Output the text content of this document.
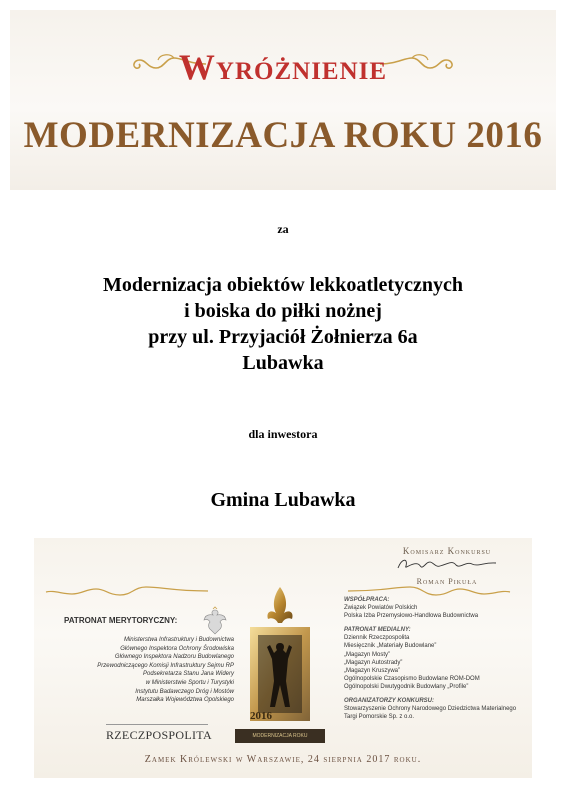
Wyróżnienie
MODERNIZACJA ROKU 2016
za
Modernizacja obiektów lekkoatletycznych
i boiska do piłki nożnej
przy ul. Przyjaciół Żołnierza 6a
Lubawka
dla inwestora
Gmina Lubawka
Komisarz Konkursu
Roman Pikuła
PATRONAT MERYTORYCZNY:
Ministerstwa Infrastruktury i Budownictwa
Głównego Inspektora Ochrony Środowiska
Głównego Inspektora Nadzoru Budowlanego
Przewodniczącego Komisji Infrastruktury Sejmu RP
Podsekretarza Stanu Jana Widery
w Ministerstwie Sportu i Turystyki
Instytutu Badawczego Dróg i Mostów
Marszałka Województwa Opolskiego
RZECZPOSPOLITA
2016
MODERNIZACJA ROKU
WSPÓŁPRACA:
Związek Powiatów Polskich
Polska Izba Przemysłowo-Handlowa Budownictwa
PATRONAT MEDIALNY:
Dziennik Rzeczpospolita
Miesięcznik „Materiały Budowlane”
„Magazyn Mosty”
„Magazyn Autostrady”
„Magazyn Kruszywa”
Ogólnopolskie Czasopismo Budowlane ROM-DOM
Ogólnopolski Dwutygodnik Budowlany „Profile”
ORGANIZATORZY KONKURSU:
Stowarzyszenie Ochrony Narodowego Dziedzictwa Materialnego
Targi Pomorskie Sp. z o.o.
Zamek Królewski w Warszawie, 24 sierpnia 2017 roku.
